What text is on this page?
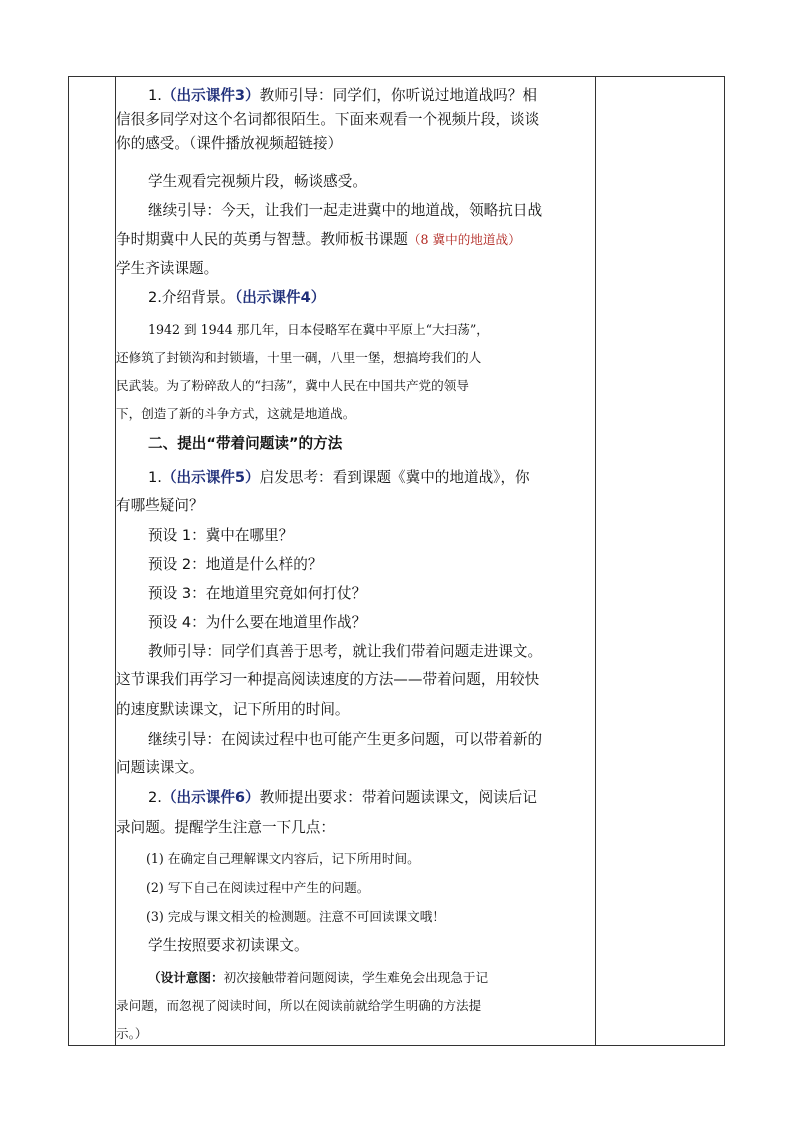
1.（出示课件3）教师引导：同学们，你听说过地道战吗？相
信很多同学对这个名词都很陌生。下面来观看一个视频片段，谈谈
你的感受。（课件播放视频超链接）
学生观看完视频片段，畅谈感受。
继续引导：今天，让我们一起走进冀中的地道战，领略抗日战
争时期冀中人民的英勇与智慧。教师板书课题（8 冀中的地道战）
学生齐读课题。
2.介绍背景。（出示课件4）
1942 到 1944 那几年，日本侵略军在冀中平原上“大扫荡”，
还修筑了封锁沟和封锁墙，十里一碉，八里一堡，想搞垮我们的人
民武装。为了粉碎敌人的“扫荡”，冀中人民在中国共产党的领导
下，创造了新的斗争方式，这就是地道战。
二、提出“带着问题读”的方法
1.（出示课件5）启发思考：看到课题《冀中的地道战》，你
有哪些疑问？
预设 1：冀中在哪里？
预设 2：地道是什么样的？
预设 3：在地道里究竟如何打仗？
预设 4：为什么要在地道里作战？
教师引导：同学们真善于思考，就让我们带着问题走进课文。
这节课我们再学习一种提高阅读速度的方法——带着问题，用较快
的速度默读课文，记下所用的时间。
继续引导：在阅读过程中也可能产生更多问题，可以带着新的
问题读课文。
2.（出示课件6）教师提出要求：带着问题读课文，阅读后记
录问题。提醒学生注意一下几点：
(1) 在确定自己理解课文内容后，记下所用时间。
(2) 写下自己在阅读过程中产生的问题。
(3) 完成与课文相关的检测题。注意不可回读课文哦！
学生按照要求初读课文。
（设计意图：初次接触带着问题阅读，学生难免会出现急于记
录问题，而忽视了阅读时间，所以在阅读前就给学生明确的方法提
示。）
